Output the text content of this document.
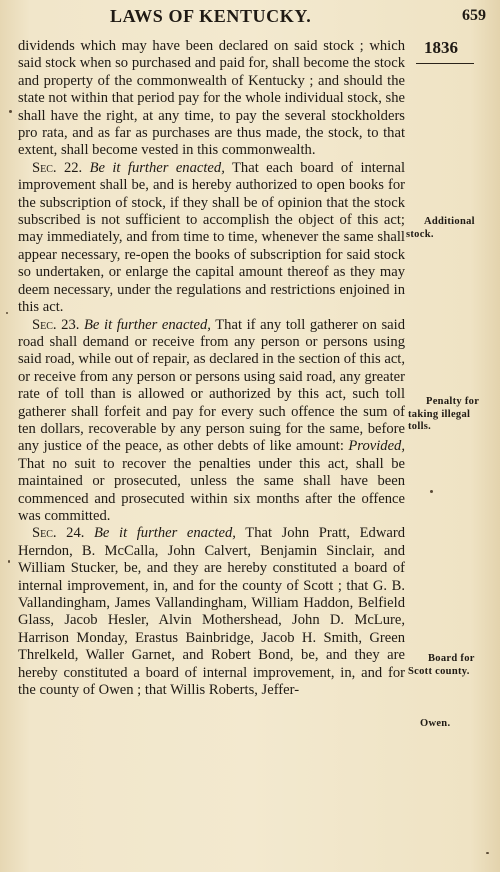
LAWS OF KENTUCKY.	659

dividends which may have been declared on said stock ; which said stock when so purchased and paid for, shall become the stock and property of the commonwealth of Kentucky ; and should the state not within that period pay for the whole individual stock, she shall have the right, at any time, to pay the several stockholders pro rata, and as far as purchases are thus made, the stock, to that extent, shall become vested in this commonwealth.

Sec. 22. Be it further enacted, That each board of internal improvement shall be, and is hereby authorized to open books for the subscription of stock, if they shall be of opinion that the stock subscribed is not sufficient to accomplish the object of this act; may immediately, and from time to time, whenever the same shall appear necessary, re-open the books of subscription for said stock so undertaken, or enlarge the capital amount thereof as they may deem necessary, under the regulations and restrictions enjoined in this act.

Sec. 23. Be it further enacted, That if any toll gatherer on said road shall demand or receive from any person or persons using said road, while out of repair, as declared in the section of this act, or receive from any person or persons using said road, any greater rate of toll than is allowed or authorized by this act, such toll gatherer shall forfeit and pay for every such offence the sum of ten dollars, recoverable by any person suing for the same, before any justice of the peace, as other debts of like amount: Provided, That no suit to recover the penalties under this act, shall be maintained or prosecuted, unless the same shall have been commenced and prosecuted within six months after the offence was committed.

Sec. 24. Be it further enacted, That John Pratt, Edward Herndon, B. McCalla, John Calvert, Benjamin Sinclair, and William Stucker, be, and they are hereby constituted a board of internal improvement, in, and for the county of Scott ; that G. B. Vallandingham, James Vallandingham, William Haddon, Belfield Glass, Jacob Hesler, Alvin Mothershead, John D. McLure, Harrison Monday, Erastus Bainbridge, Jacob H. Smith, Green Threlkeld, Waller Garnet, and Robert Bond, be, and they are hereby constituted a board of internal improvement, in, and for the county of Owen ; that Willis Roberts, Jeffer-

1836
Additional
stock.
Penalty for
taking illegal
tolls.
Board for
Scott county.
Owen.
